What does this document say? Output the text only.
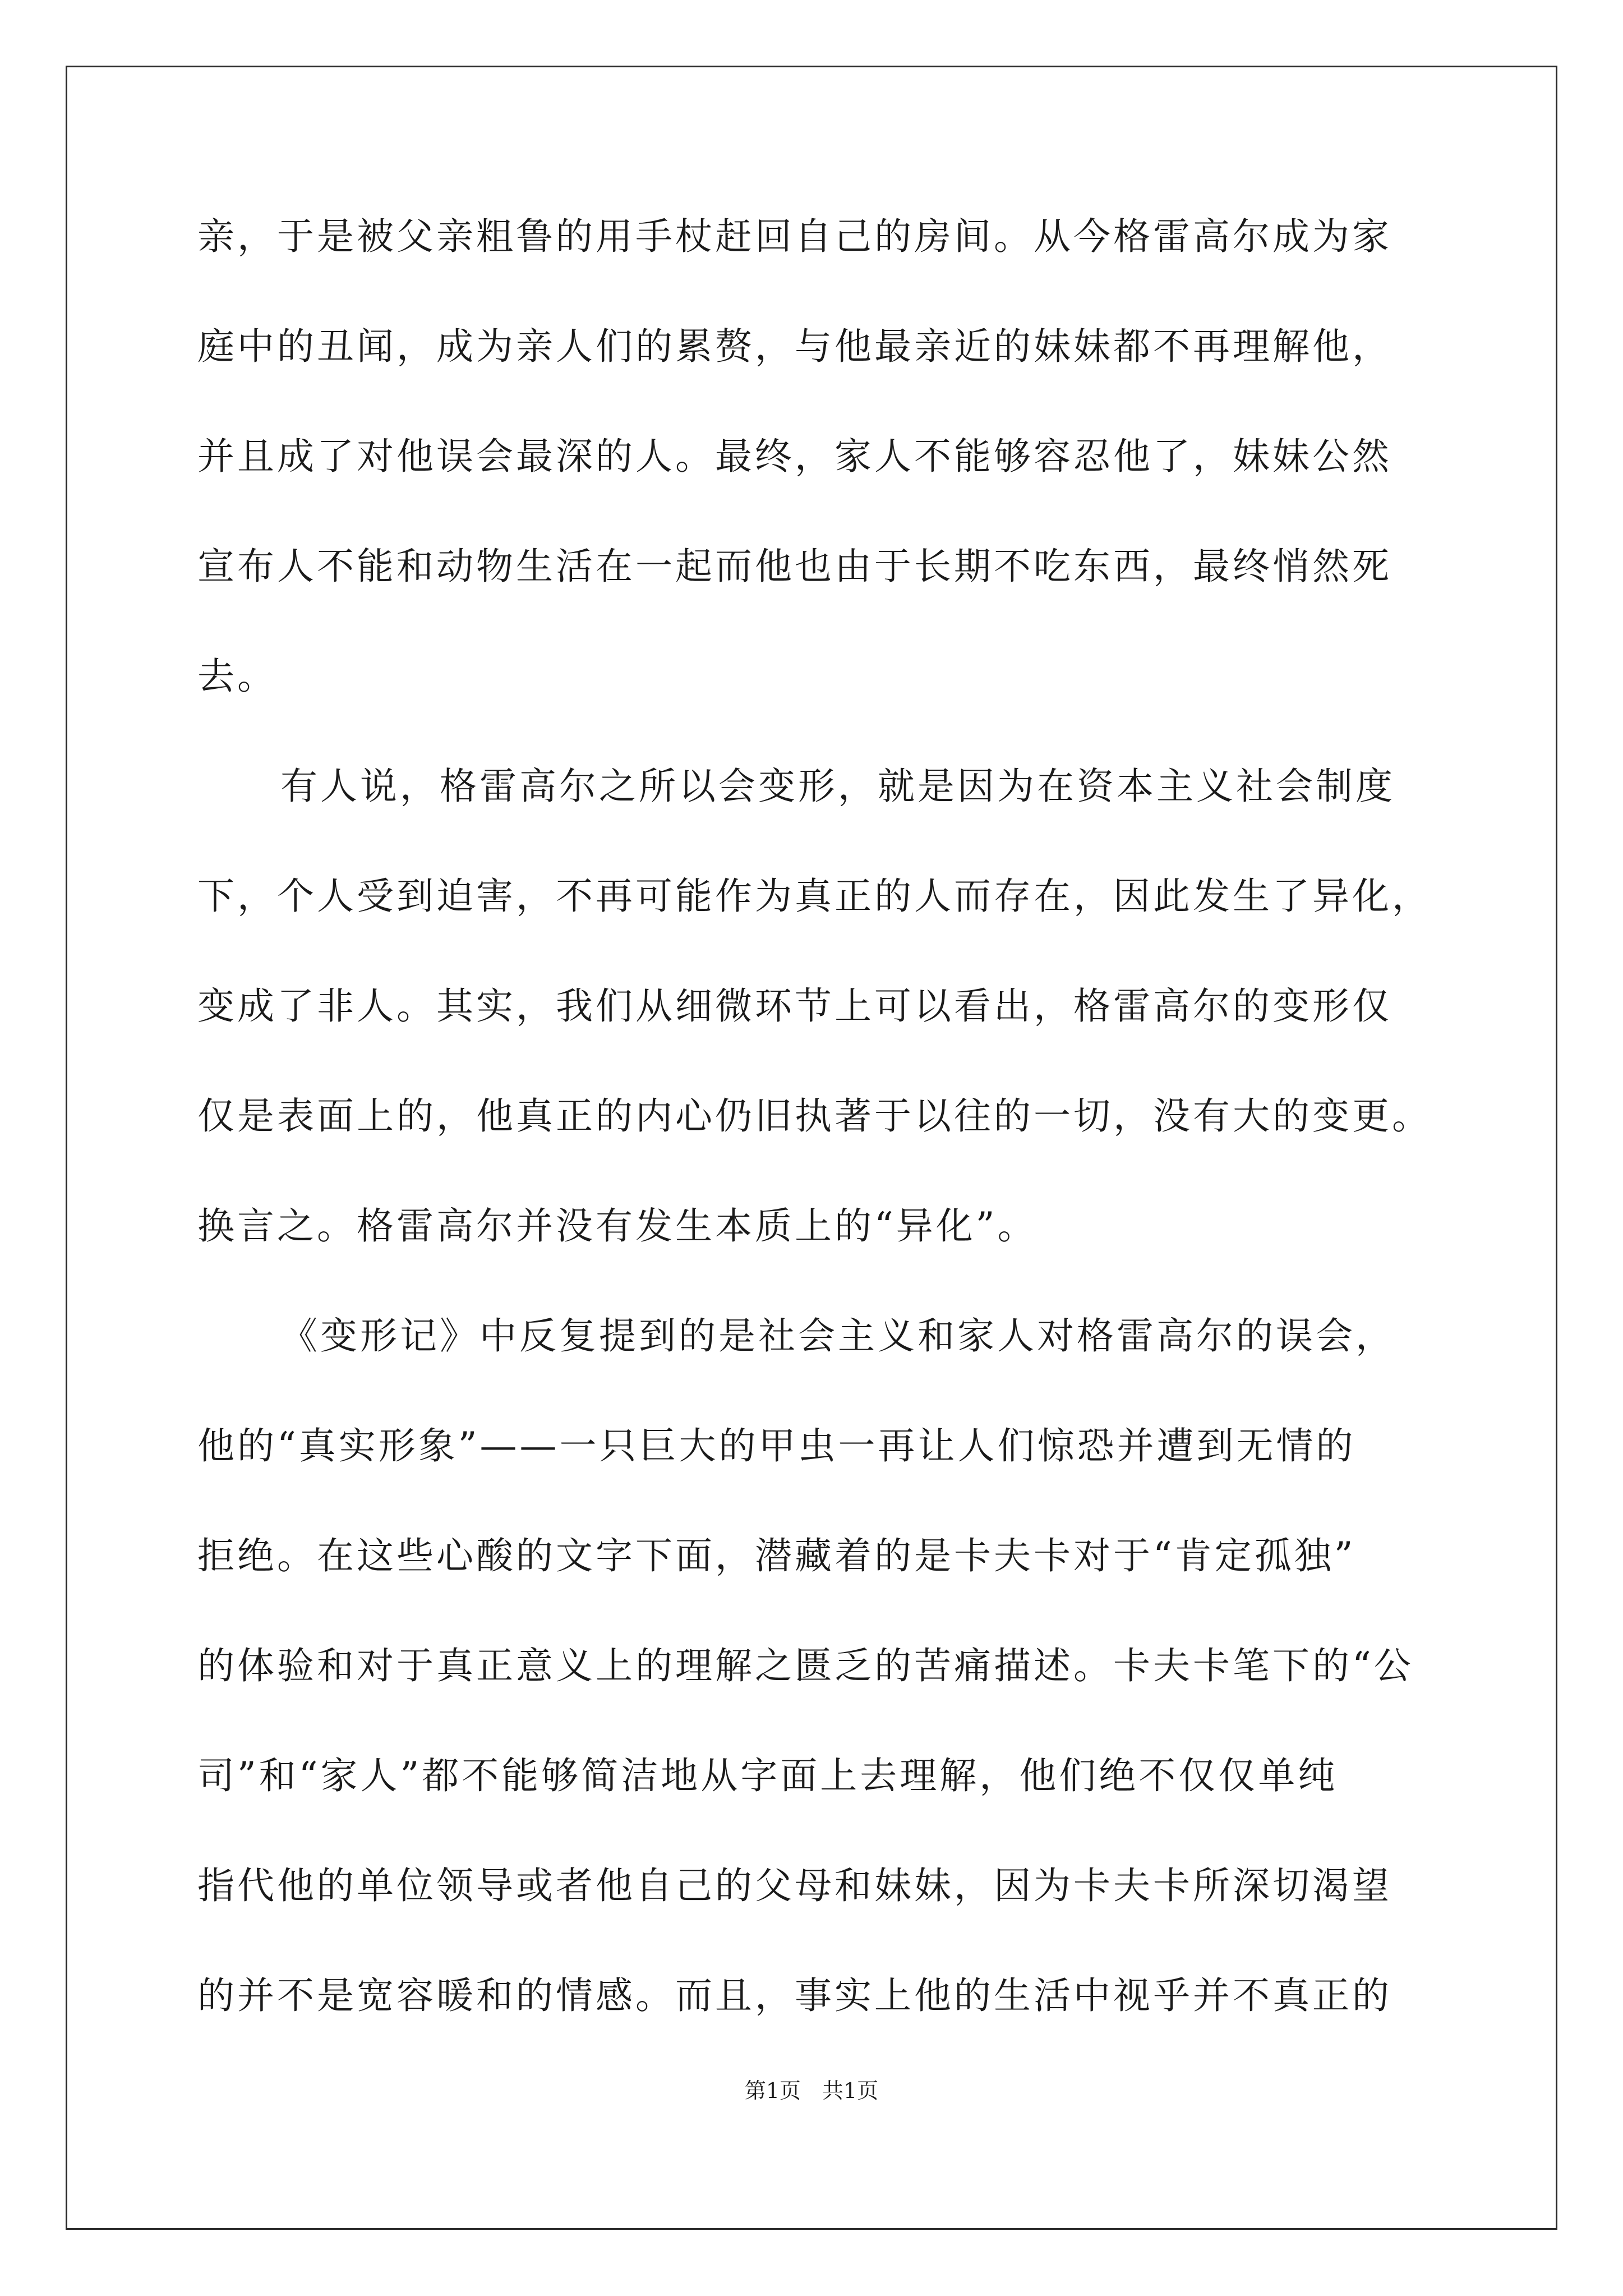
亲，于是被父亲粗鲁的用手杖赶回自己的房间。从今格雷高尔成为家
庭中的丑闻，成为亲人们的累赘，与他最亲近的妹妹都不再理解他，
并且成了对他误会最深的人。最终，家人不能够容忍他了，妹妹公然
宣布人不能和动物生活在一起而他也由于长期不吃东西，最终悄然死
去。
有人说，格雷高尔之所以会变形，就是因为在资本主义社会制度
下，个人受到迫害，不再可能作为真正的人而存在，因此发生了异化，
变成了非人。其实，我们从细微环节上可以看出，格雷高尔的变形仅
仅是表面上的，他真正的内心仍旧执著于以往的一切，没有大的变更。
换言之。格雷高尔并没有发生本质上的“异化”。
《变形记》中反复提到的是社会主义和家人对格雷高尔的误会，
他的“真实形象”——一只巨大的甲虫一再让人们惊恐并遭到无情的
拒绝。在这些心酸的文字下面，潜藏着的是卡夫卡对于“肯定孤独”
的体验和对于真正意义上的理解之匮乏的苦痛描述。卡夫卡笔下的“公
司”和“家人”都不能够简洁地从字面上去理解，他们绝不仅仅单纯
指代他的单位领导或者他自己的父母和妹妹，因为卡夫卡所深切渴望
的并不是宽容暖和的情感。而且，事实上他的生活中视乎并不真正的
第1页　共1页
